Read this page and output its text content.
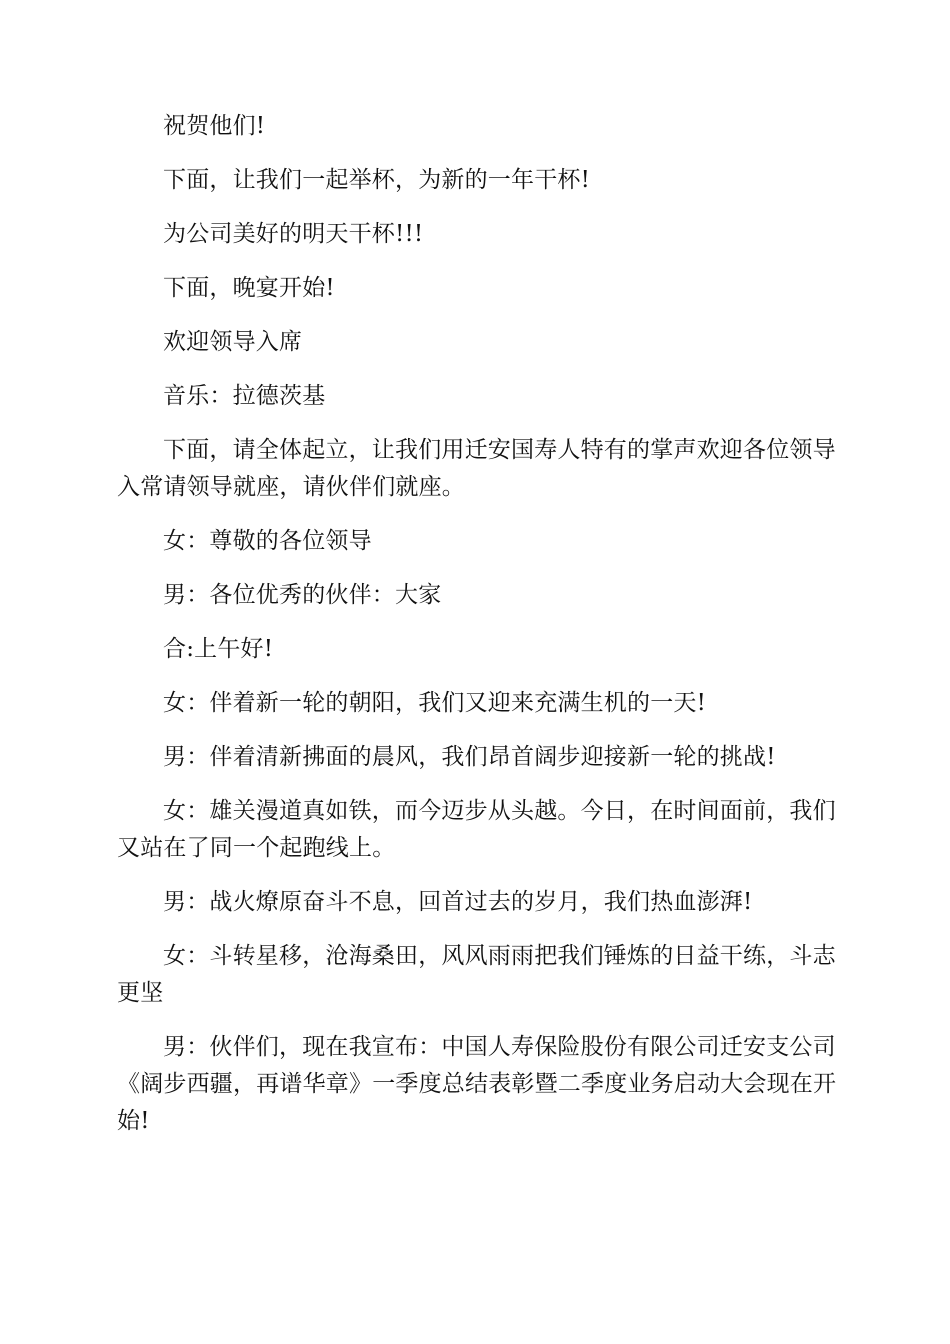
祝贺他们!

下面，让我们一起举杯，为新的一年干杯!

为公司美好的明天干杯!!!

下面，晚宴开始!

欢迎领导入席

音乐：拉德茨基

下面，请全体起立，让我们用迁安国寿人特有的掌声欢迎各位领导入常请领导就座，请伙伴们就座。

女：尊敬的各位领导

男：各位优秀的伙伴：大家

合:上午好!

女：伴着新一轮的朝阳，我们又迎来充满生机的一天!

男：伴着清新拂面的晨风，我们昂首阔步迎接新一轮的挑战!

女：雄关漫道真如铁，而今迈步从头越。今日，在时间面前，我们又站在了同一个起跑线上。

男：战火燎原奋斗不息，回首过去的岁月，我们热血澎湃!

女：斗转星移，沧海桑田，风风雨雨把我们锤炼的日益干练，斗志更坚

男：伙伴们，现在我宣布：中国人寿保险股份有限公司迁安支公司《阔步西疆，再谱华章》一季度总结表彰暨二季度业务启动大会现在开始!
